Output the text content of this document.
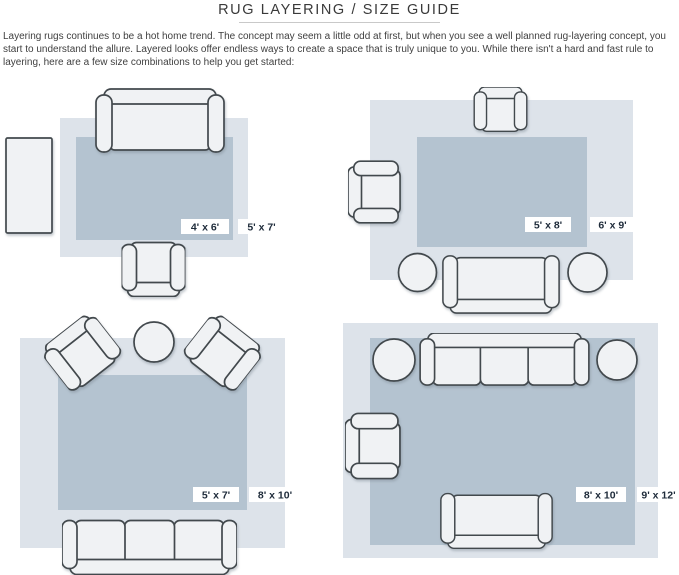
RUG LAYERING / SIZE GUIDE
Layering rugs continues to be a hot home trend. The concept may seem a little odd at first, but when you see a well planned rug-layering concept, you start to understand the allure. Layered looks offer endless ways to create a space that is truly unique to you. While there isn't a hard and fast rule to layering, here are a few size combinations to help you get started:
4' x 6'	5' x 7'	5' x 8'	6' x 9'
5' x 7'	8' x 10'	8' x 10' 9' x 12'
